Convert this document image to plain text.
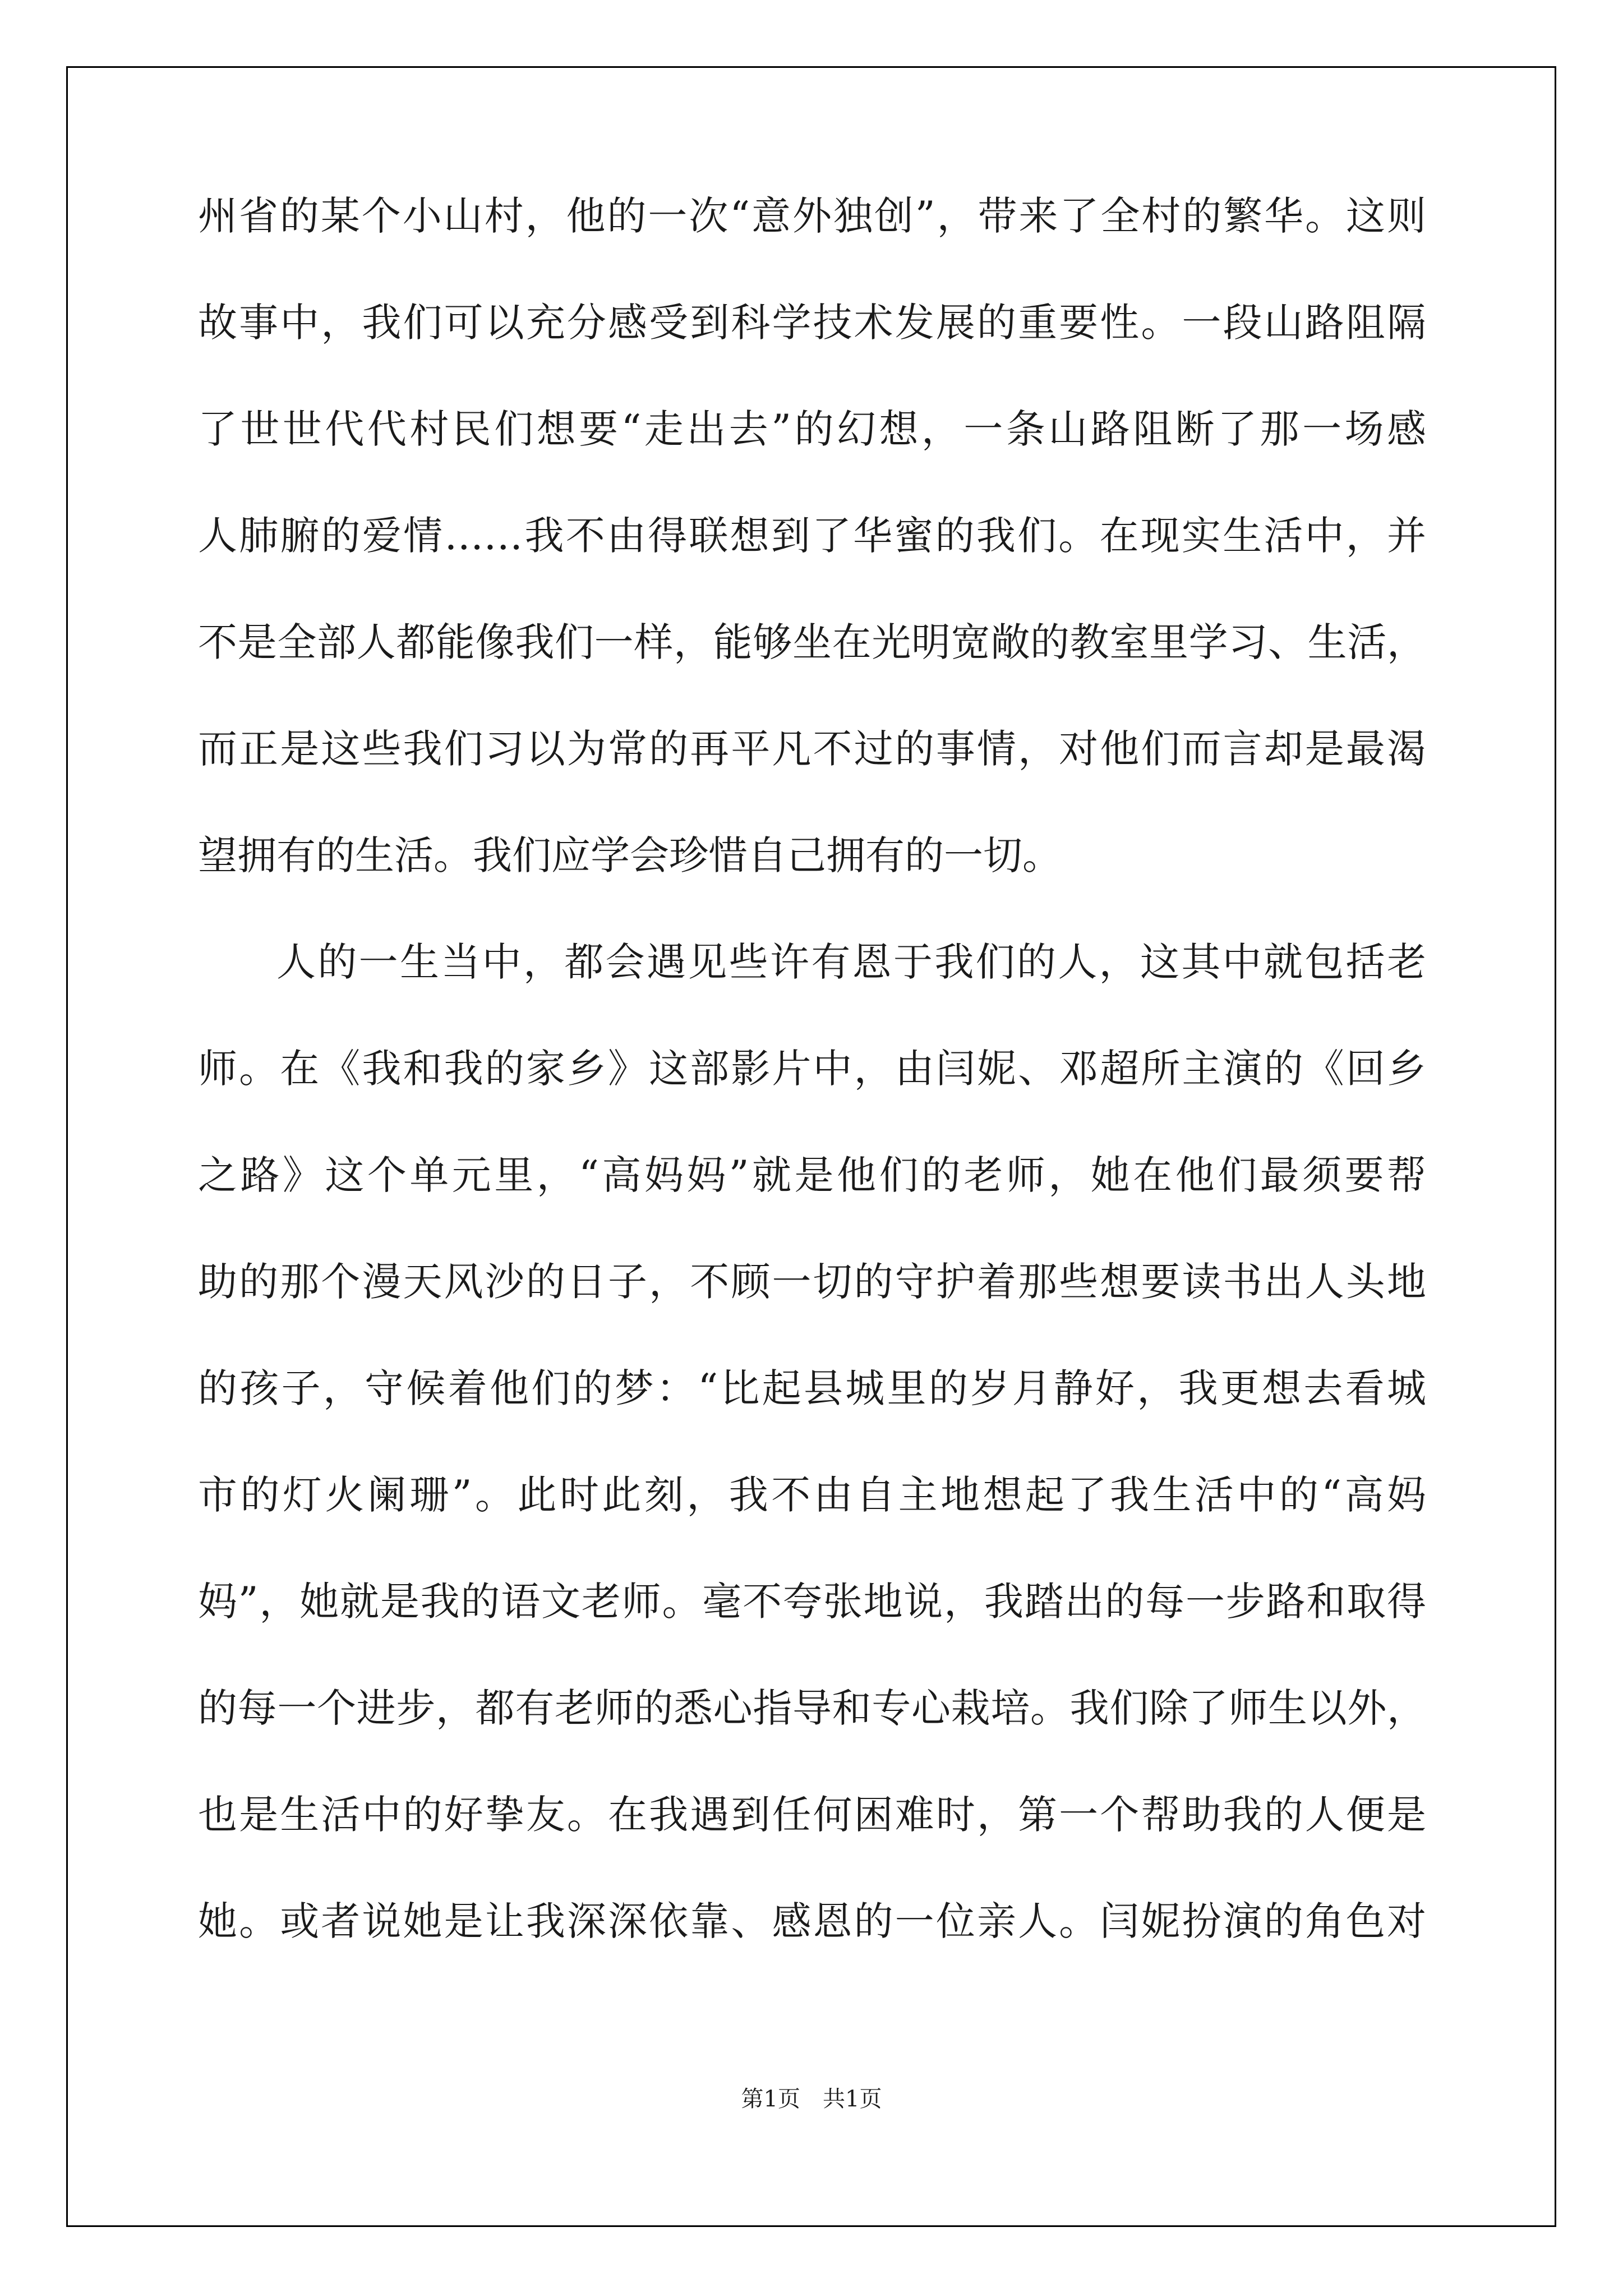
州省的某个小山村，他的一次“意外独创”，带来了全村的繁华。这则
故事中，我们可以充分感受到科学技术发展的重要性。一段山路阻隔
了世世代代村民们想要“走出去”的幻想，一条山路阻断了那一场感
人肺腑的爱情……我不由得联想到了华蜜的我们。在现实生活中，并
不是全部人都能像我们一样，能够坐在光明宽敞的教室里学习、生活，
而正是这些我们习以为常的再平凡不过的事情，对他们而言却是最渴
望拥有的生活。我们应学会珍惜自己拥有的一切。
人的一生当中，都会遇见些许有恩于我们的人，这其中就包括老
师。在《我和我的家乡》这部影片中，由闫妮、邓超所主演的《回乡
之路》这个单元里，“高妈妈”就是他们的老师，她在他们最须要帮
助的那个漫天风沙的日子，不顾一切的守护着那些想要读书出人头地
的孩子，守候着他们的梦：“比起县城里的岁月静好，我更想去看城
市的灯火阑珊”。此时此刻，我不由自主地想起了我生活中的“高妈
妈”，她就是我的语文老师。毫不夸张地说，我踏出的每一步路和取得
的每一个进步，都有老师的悉心指导和专心栽培。我们除了师生以外，
也是生活中的好挚友。在我遇到任何困难时，第一个帮助我的人便是
她。或者说她是让我深深依靠、感恩的一位亲人。闫妮扮演的角色对
第1页　共1页
